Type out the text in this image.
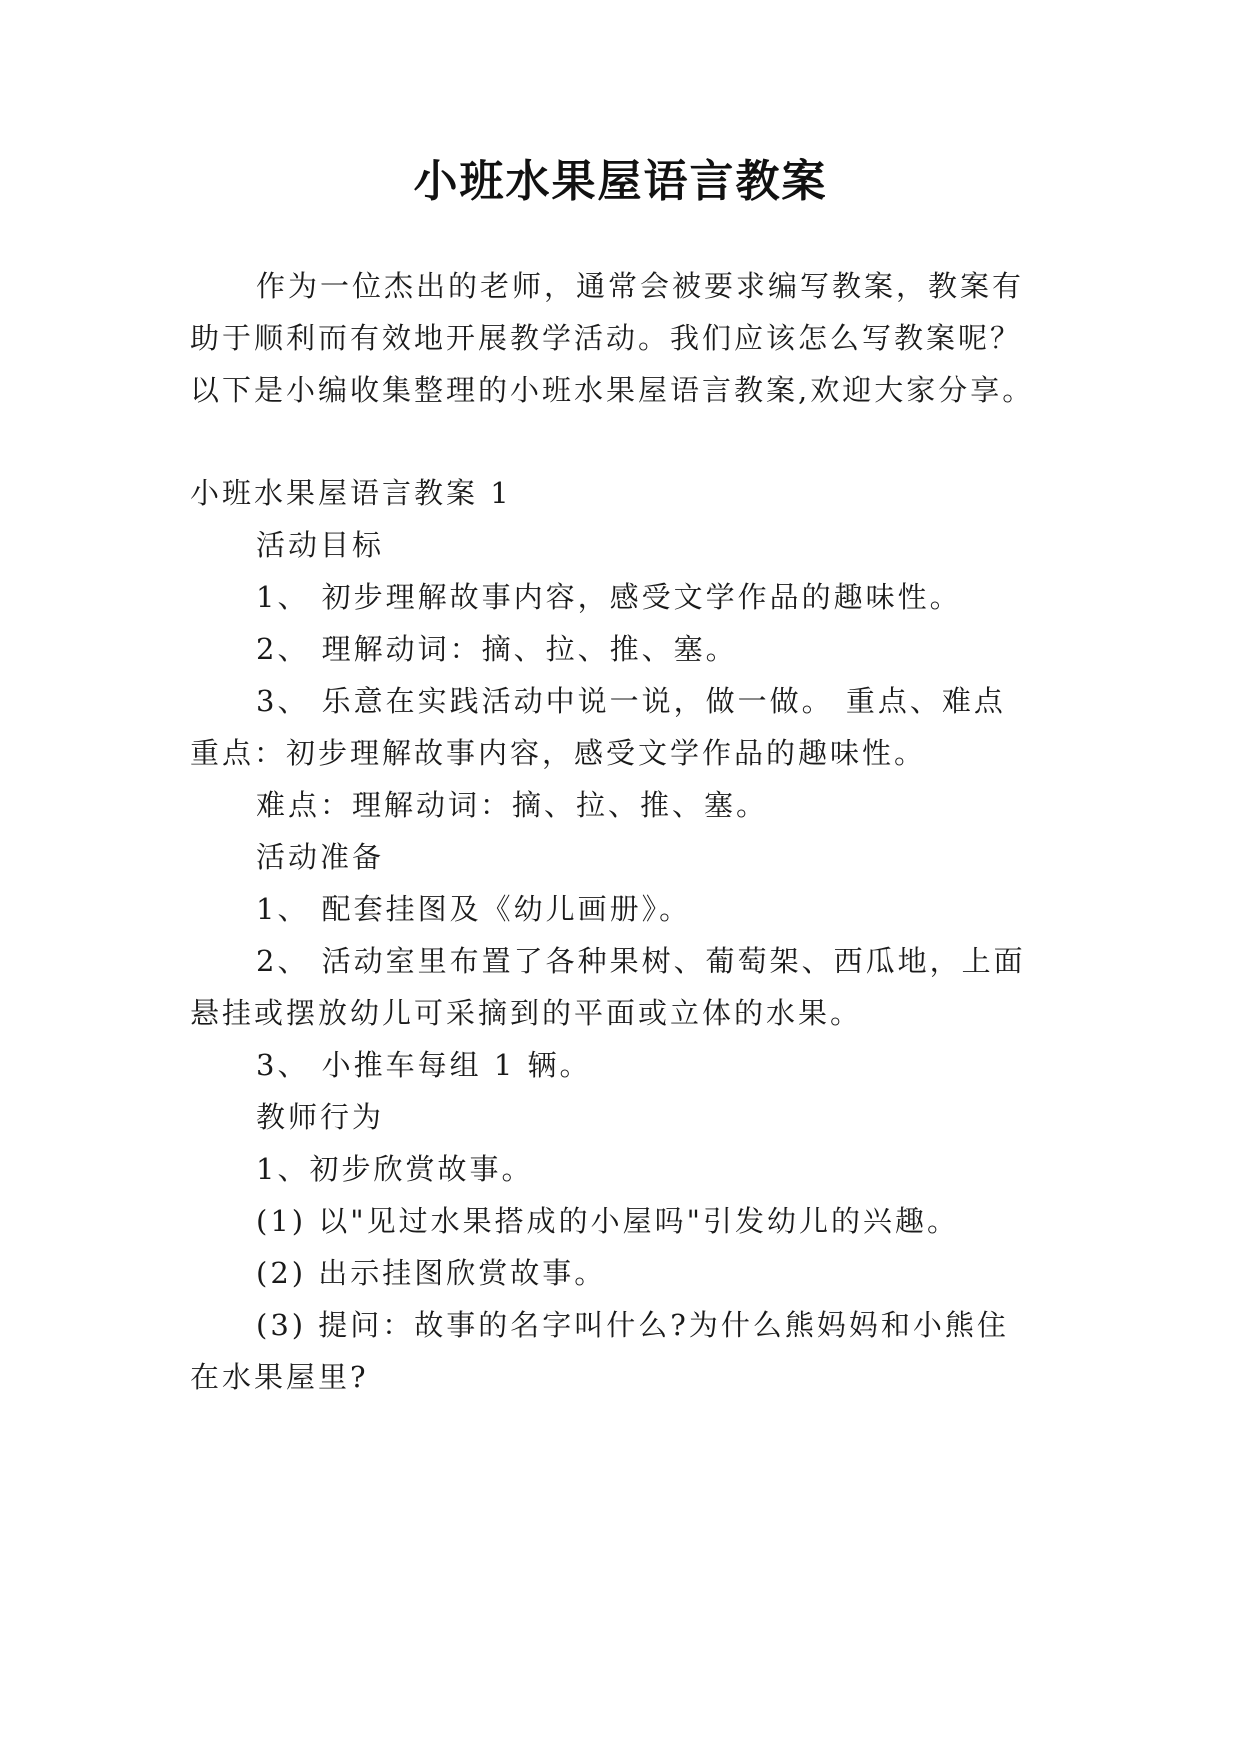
小班水果屋语言教案
作为一位杰出的老师，通常会被要求编写教案，教案有
助于顺利而有效地开展教学活动。我们应该怎么写教案呢？
以下是小编收集整理的小班水果屋语言教案,欢迎大家分享。
小班水果屋语言教案 1
活动目标
1、 初步理解故事内容，感受文学作品的趣味性。
2、 理解动词：摘、拉、推、塞。
3、 乐意在实践活动中说一说，做一做。 重点、难点
重点：初步理解故事内容，感受文学作品的趣味性。
难点：理解动词：摘、拉、推、塞。
活动准备
1、 配套挂图及《幼儿画册》。
2、 活动室里布置了各种果树、葡萄架、西瓜地，上面
悬挂或摆放幼儿可采摘到的平面或立体的水果。
3、 小推车每组 1 辆。
教师行为
1、初步欣赏故事。
(1) 以"见过水果搭成的小屋吗"引发幼儿的兴趣。
(2) 出示挂图欣赏故事。
(3) 提问：故事的名字叫什么?为什么熊妈妈和小熊住
在水果屋里?
